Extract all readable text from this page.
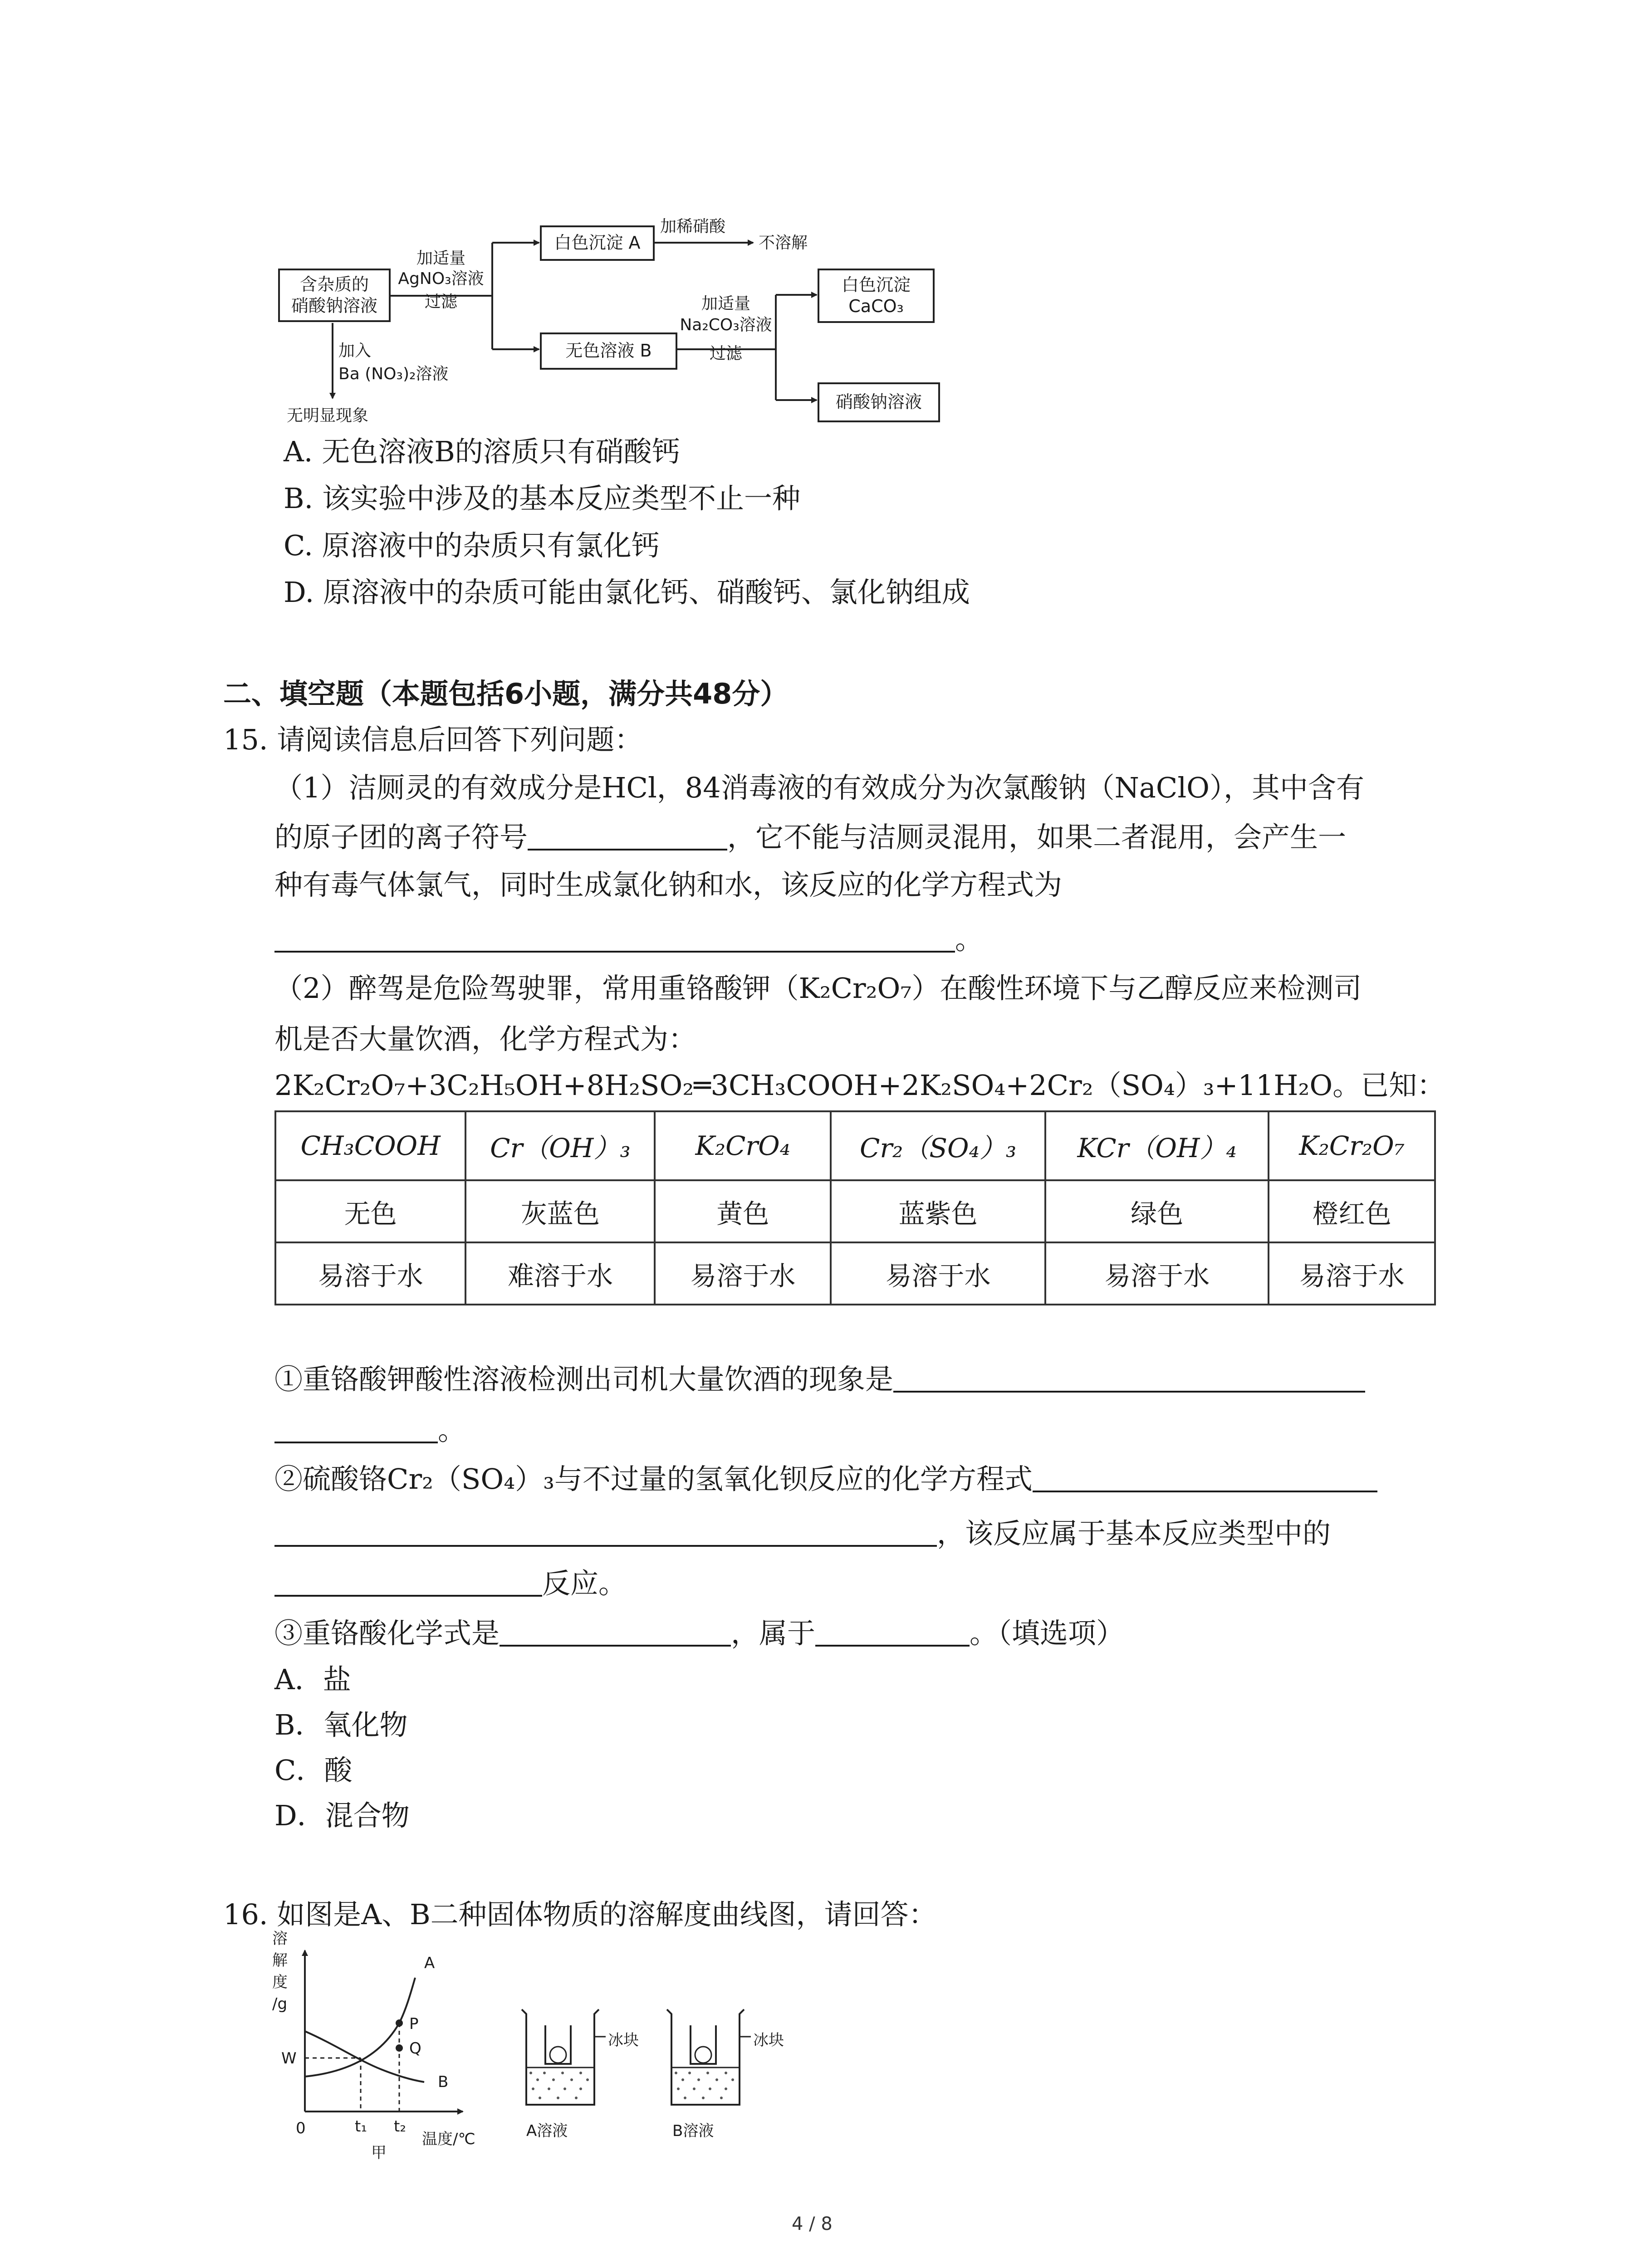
含杂质的
硝酸钠溶液
加适量
AgNO₃溶液
过滤
白色沉淀 A
加稀硝酸
不溶解
无色溶液 B
加适量
Na₂CO₃溶液
过滤
白色沉淀
CaCO₃
硝酸钠溶液
加入
Ba (NO₃)₂溶液
无明显现象
A. 无色溶液B的溶质只有硝酸钙
B. 该实验中涉及的基本反应类型不止一种
C. 原溶液中的杂质只有氯化钙
D. 原溶液中的杂质可能由氯化钙、硝酸钙、氯化钠组成
二、填空题（本题包括6小题，满分共48分）
15. 请阅读信息后回答下列问题：
（1）洁厕灵的有效成分是HCl，84消毒液的有效成分为次氯酸钠（NaClO），其中含有
的原子团的离子符号	，它不能与洁厕灵混用，如果二者混用，会产生一
种有毒气体氯气，同时生成氯化钠和水，该反应的化学方程式为
。
（2）醉驾是危险驾驶罪，常用重铬酸钾（K₂Cr₂O₇）在酸性环境下与乙醇反应来检测司
机是否大量饮酒，化学方程式为：
2K₂Cr₂O₇+3C₂H₅OH+8H₂SO₂═3CH₃COOH+2K₂SO₄+2Cr₂（SO₄）₃+11H₂O。已知：
CH₃COOH	Cr（OH）₃	K₂CrO₄	Cr₂（SO₄）₃	KCr（OH）₄	K₂Cr₂O₇
无色	灰蓝色	黄色	蓝紫色	绿色	橙红色
易溶于水	难溶于水	易溶于水	易溶于水	易溶于水	易溶于水
①重铬酸钾酸性溶液检测出司机大量饮酒的现象是
。
②硫酸铬Cr₂（SO₄）₃与不过量的氢氧化钡反应的化学方程式
，该反应属于基本反应类型中的
反应。
③重铬酸化学式是	，属于	。（填选项）
A．盐
B．氧化物
C．酸
D．混合物
16. 如图是A、B二种固体物质的溶解度曲线图，请回答：
溶
解
度
/g
W
0	t₁ t₂
温度/℃
A
B
P
Q
甲
冰块
A溶液
冰块
B溶液
4 / 8
